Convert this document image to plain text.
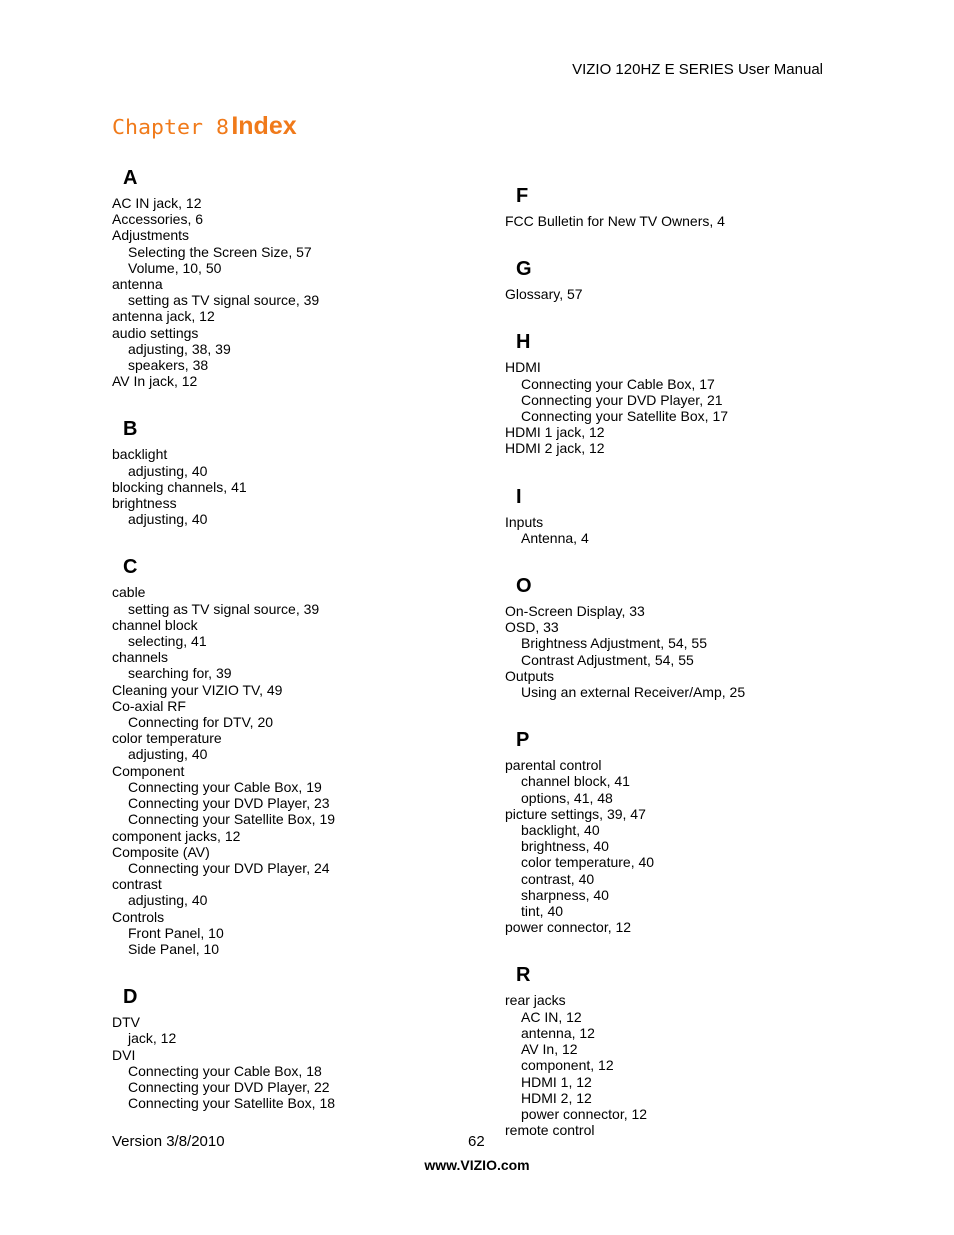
VIZIO 120HZ E SERIES User Manual
Chapter 8 Index
A
AC IN jack, 12
Accessories, 6
Adjustments
Selecting the Screen Size, 57
Volume, 10, 50
antenna
setting as TV signal source, 39
antenna jack, 12
audio settings
adjusting, 38, 39
speakers, 38
AV In jack, 12
B
backlight
adjusting, 40
blocking channels, 41
brightness
adjusting, 40
C
cable
setting as TV signal source, 39
channel block
selecting, 41
channels
searching for, 39
Cleaning your VIZIO TV, 49
Co-axial RF
Connecting for DTV, 20
color temperature
adjusting, 40
Component
Connecting your Cable Box, 19
Connecting your DVD Player, 23
Connecting your Satellite Box, 19
component jacks, 12
Composite (AV)
Connecting your DVD Player, 24
contrast
adjusting, 40
Controls
Front Panel, 10
Side Panel, 10
D
DTV
jack, 12
DVI
Connecting your Cable Box, 18
Connecting your DVD Player, 22
Connecting your Satellite Box, 18
F
FCC Bulletin for New TV Owners, 4
G
Glossary, 57
H
HDMI
Connecting your Cable Box, 17
Connecting your DVD Player, 21
Connecting your Satellite Box, 17
HDMI 1 jack, 12
HDMI 2 jack, 12
I
Inputs
Antenna, 4
O
On-Screen Display, 33
OSD, 33
Brightness Adjustment, 54, 55
Contrast Adjustment, 54, 55
Outputs
Using an external Receiver/Amp, 25
P
parental control
channel block, 41
options, 41, 48
picture settings, 39, 47
backlight, 40
brightness, 40
color temperature, 40
contrast, 40
sharpness, 40
tint, 40
power connector, 12
R
rear jacks
AC IN, 12
antenna, 12
AV In, 12
component, 12
HDMI 1, 12
HDMI 2, 12
power connector, 12
remote control
Version 3/8/2010	62
www.VIZIO.com
